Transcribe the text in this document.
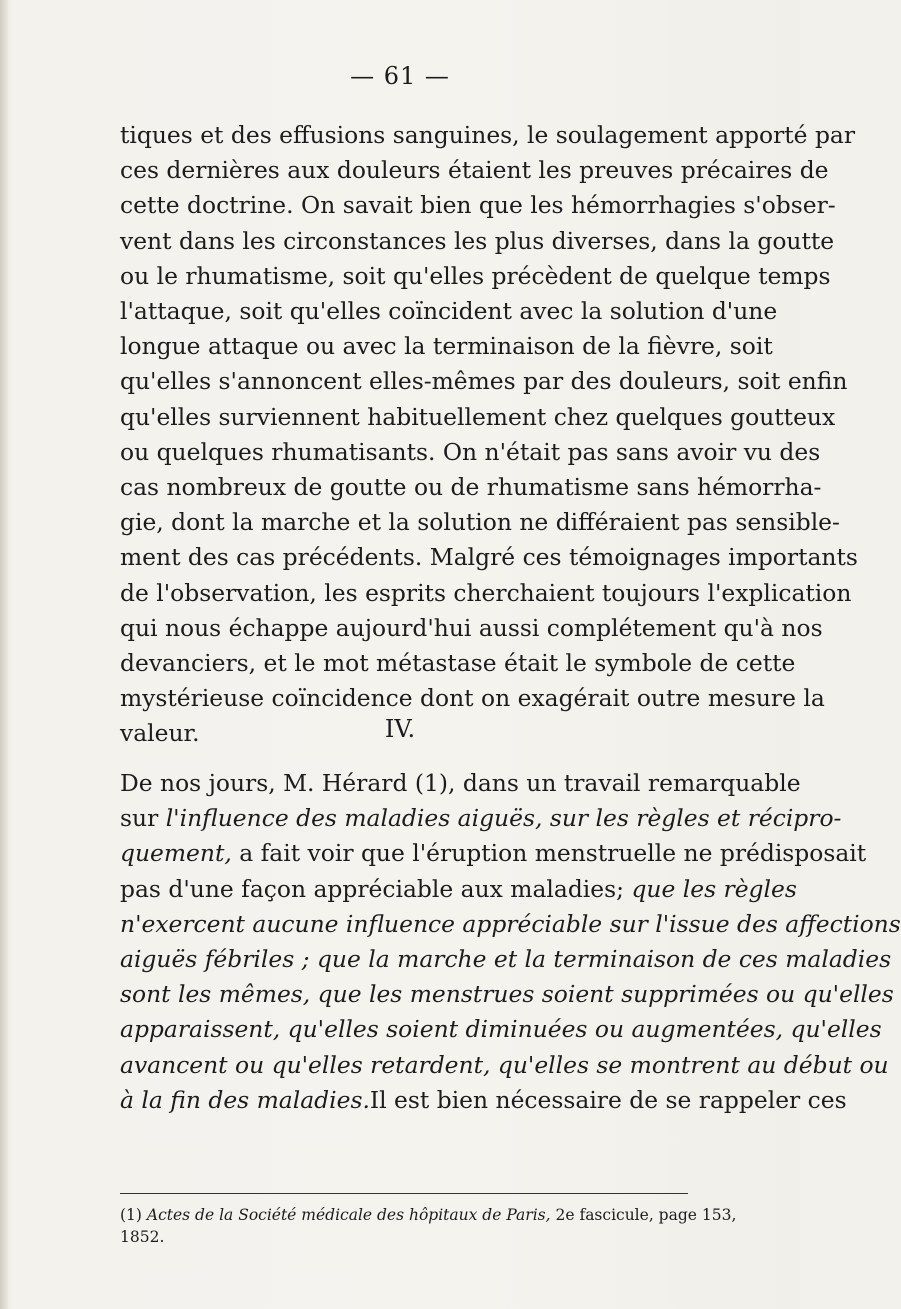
— 61 —
tiques et des effusions sanguines, le soulagement apporté par
ces dernières aux douleurs étaient les preuves précaires de
cette doctrine. On savait bien que les hémorrhagies s'obser-
vent dans les circonstances les plus diverses, dans la goutte
ou le rhumatisme, soit qu'elles précèdent de quelque temps
l'attaque, soit qu'elles coïncident avec la solution d'une
longue attaque ou avec la terminaison de la fièvre, soit
qu'elles s'annoncent elles-mêmes par des douleurs, soit enfin
qu'elles surviennent habituellement chez quelques goutteux
ou quelques rhumatisants. On n'était pas sans avoir vu des
cas nombreux de goutte ou de rhumatisme sans hémorrha-
gie, dont la marche et la solution ne différaient pas sensible-
ment des cas précédents. Malgré ces témoignages importants
de l'observation, les esprits cherchaient toujours l'explication
qui nous échappe aujourd'hui aussi complétement qu'à nos
devanciers, et le mot métastase était le symbole de cette
mystérieuse coïncidence dont on exagérait outre mesure la
valeur.	IV.
De nos jours, M. Hérard (1), dans un travail remarquable
sur l'influence des maladies aiguës, sur les règles et récipro-
quement, a fait voir que l'éruption menstruelle ne prédisposait
pas d'une façon appréciable aux maladies; que les règles
n'exercent aucune influence appréciable sur l'issue des affections
aiguës fébriles ; que la marche et la terminaison de ces maladies
sont les mêmes, que les menstrues soient supprimées ou qu'elles
apparaissent, qu'elles soient diminuées ou augmentées, qu'elles
avancent ou qu'elles retardent, qu'elles se montrent au début ou
à la fin des maladies.Il est bien nécessaire de se rappeler ces
(1) Actes de la Société médicale des hôpitaux de Paris, 2e fascicule, page 153,
1852.
